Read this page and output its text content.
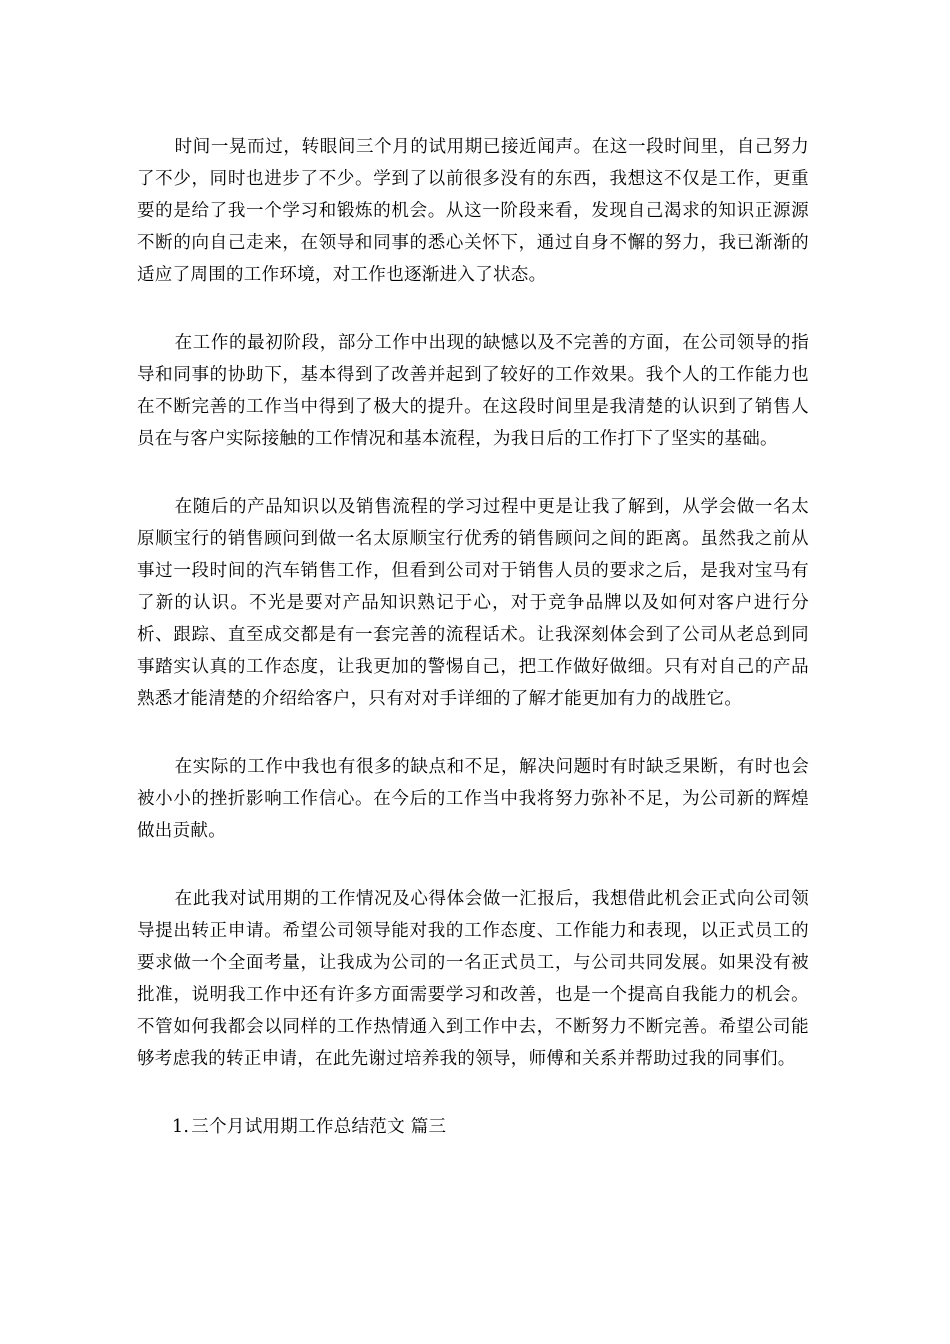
时间一晃而过，转眼间三个月的试用期已接近闻声。在这一段时间里，自己努力了不少，同时也进步了不少。学到了以前很多没有的东西，我想这不仅是工作，更重要的是给了我一个学习和锻炼的机会。从这一阶段来看，发现自己渴求的知识正源源不断的向自己走来，在领导和同事的悉心关怀下，通过自身不懈的努力，我已渐渐的适应了周围的工作环境，对工作也逐渐进入了状态。

在工作的最初阶段，部分工作中出现的缺憾以及不完善的方面，在公司领导的指导和同事的协助下，基本得到了改善并起到了较好的工作效果。我个人的工作能力也在不断完善的工作当中得到了极大的提升。在这段时间里是我清楚的认识到了销售人员在与客户实际接触的工作情况和基本流程，为我日后的工作打下了坚实的基础。

在随后的产品知识以及销售流程的学习过程中更是让我了解到，从学会做一名太原顺宝行的销售顾问到做一名太原顺宝行优秀的销售顾问之间的距离。虽然我之前从事过一段时间的汽车销售工作，但看到公司对于销售人员的要求之后，是我对宝马有了新的认识。不光是要对产品知识熟记于心，对于竞争品牌以及如何对客户进行分析、跟踪、直至成交都是有一套完善的流程话术。让我深刻体会到了公司从老总到同事踏实认真的工作态度，让我更加的警惕自己，把工作做好做细。只有对自己的产品熟悉才能清楚的介绍给客户，只有对对手详细的了解才能更加有力的战胜它。

在实际的工作中我也有很多的缺点和不足，解决问题时有时缺乏果断，有时也会被小小的挫折影响工作信心。在今后的工作当中我将努力弥补不足，为公司新的辉煌做出贡献。

在此我对试用期的工作情况及心得体会做一汇报后，我想借此机会正式向公司领导提出转正申请。希望公司领导能对我的工作态度、工作能力和表现，以正式员工的要求做一个全面考量，让我成为公司的一名正式员工，与公司共同发展。如果没有被批准，说明我工作中还有许多方面需要学习和改善，也是一个提高自我能力的机会。不管如何我都会以同样的工作热情通入到工作中去，不断努力不断完善。希望公司能够考虑我的转正申请，在此先谢过培养我的领导，师傅和关系并帮助过我的同事们。

1. 三个月试用期工作总结范文 篇三
